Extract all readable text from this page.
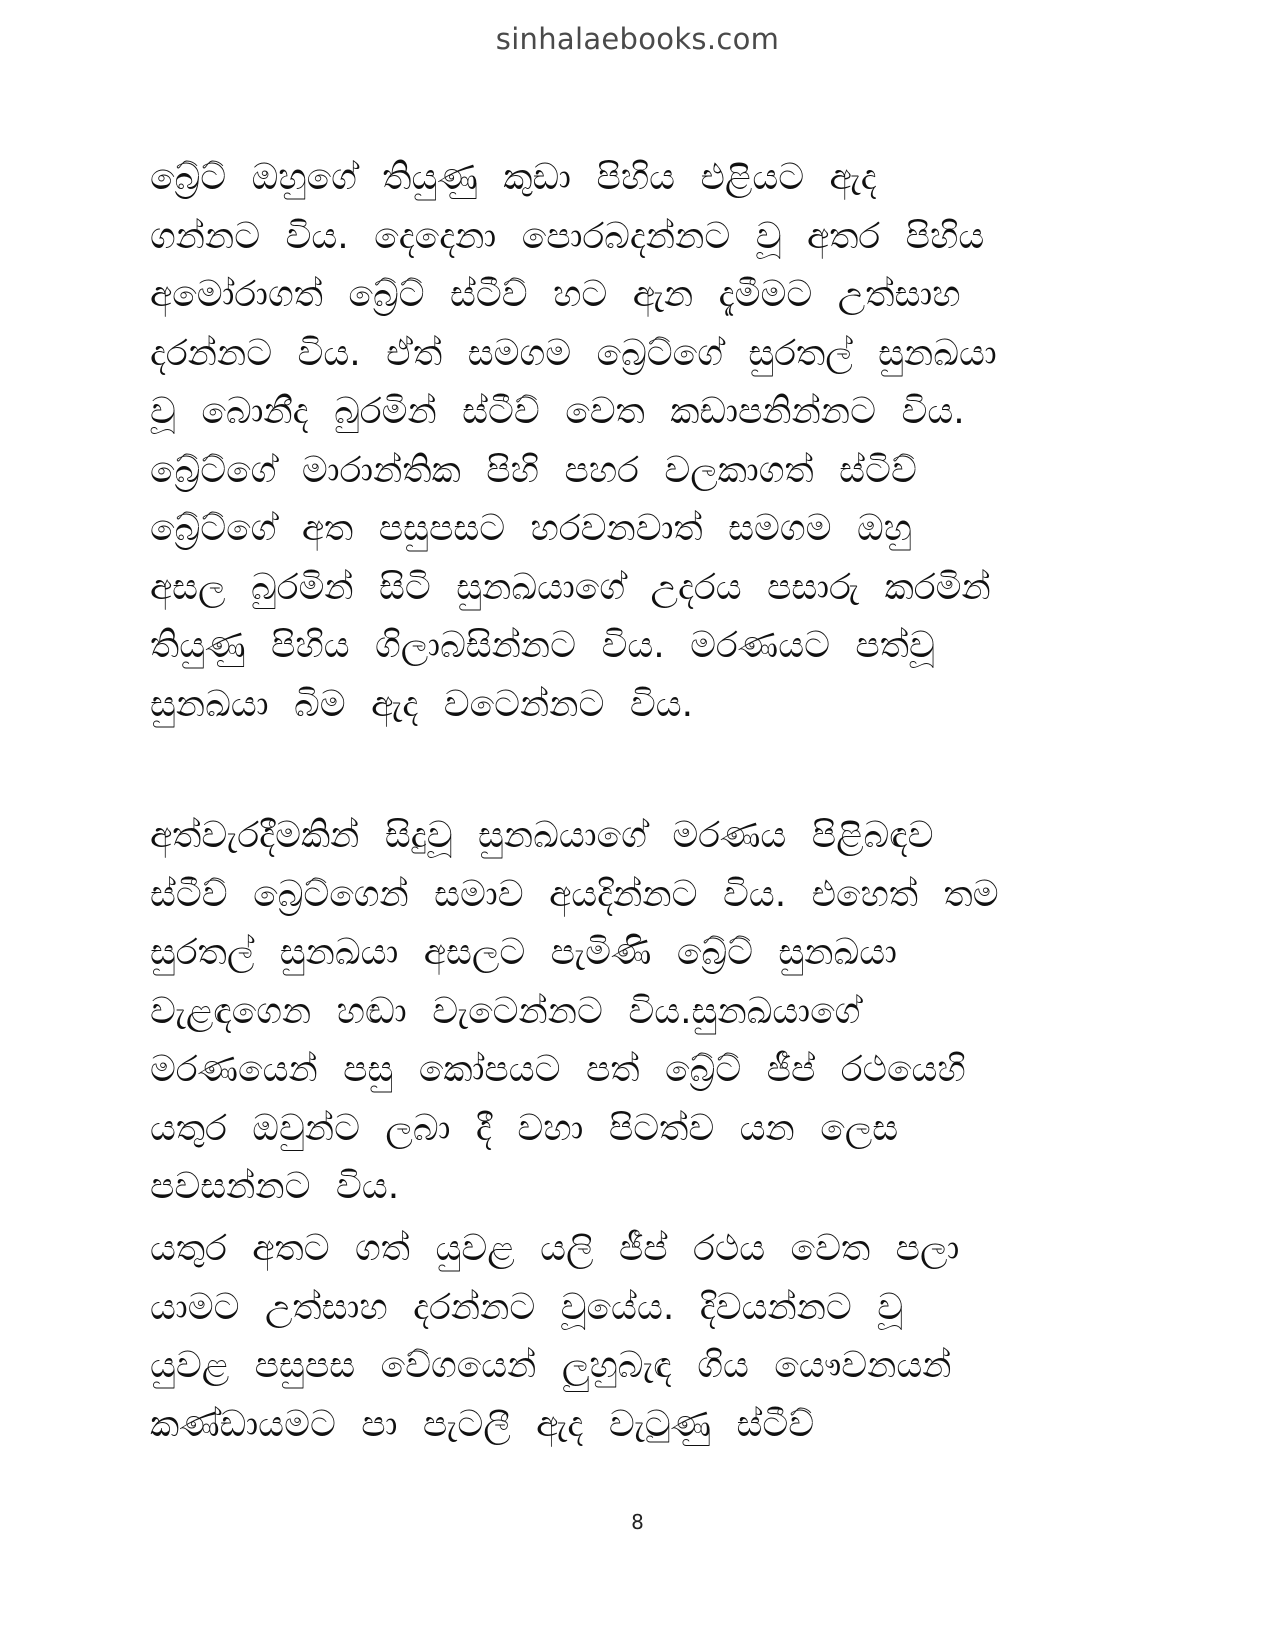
sinhalaebooks.com
බ්‍රේට් ඔහුගේ තියුණු කුඩා පිහිය එළියට ඇද
ගන්නට විය. දෙදෙනා පොරබදන්නට වූ අතර පිහිය
අමෝරාගත් බ්‍රේට් ස්ටීව් හට ඇන දැමීමට උත්සාහ
දරන්නට විය. ඒත් සමගම බ්‍රෙට්ගේ සුරතල් සුනඛයා
වූ බොනීද බුරමින් ස්ටීව් වෙත කඩාපනින්නට විය.
බ්‍රේට්ගේ මාරාන්තික පිහි පහර වලකාගත් ස්ටිව්
බ්‍රේට්ගේ අත පසුපසට හරවනවාත් සමගම ඔහු
අසල බුරමින් සිටි සුනඛයාගේ උදරය පසාරු කරමින්
තියුණු පිහිය ගිලාබසින්නට විය. මරණයට පත්වූ
සුනඛයා බිම ඇද වටෙන්නට විය.
අත්වැරදීමකින් සිදුවූ සුනඛයාගේ මරණය පිළිබඳව
ස්ටීව් බ්‍රෙට්ගෙන් සමාව අයදින්නට විය. එහෙත් තම
සුරතල් සුනඛයා අසලට පැමිණි බ්‍රේට් සුනඛයා
වැළඳගෙන හඬා වැටෙන්නට විය.සුනඛයාගේ
මරණයෙන් පසු කෝපයට පත් බ්‍රේට් ජීප් රථයෙහි
යතුර ඔවුන්ට ලබා දී වහා පිටත්ව යන ලෙස
පවසන්නට විය.
යතුර අතට ගත් යුවළ යලි ජීප් රථය වෙත පලා
යාමට උත්සාහ දරන්නට වූයේය. දිවයන්නට වූ
යුවළ පසුපස වේගයෙන් ලුහුබැඳ ගිය යෞවනයන්
කණ්ඩායමට පා පැටලී ඇද වැටුණු ස්ටීව්
8
